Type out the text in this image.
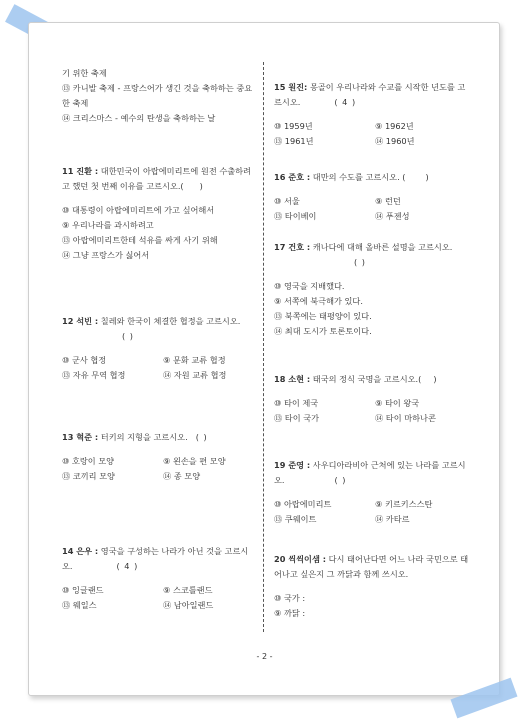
기 위한 축제

⑬ 카니발 축제 - 프랑스어가 생긴 것을 축하하는 중요한 축제

⑭ 크리스마스 - 예수의 탄생을 축하하는 날

11 진환 : 대한민국이 아랍에미리트에 원전 수출하려고 했던 첫 번째 이유를 고르시오.( )

⑩ 대통령이 아랍에미리트에 가고 싶어해서
⑨ 우리나라를 과시하려고
⑬ 아랍에미리트한테 석유를 싸게 사기 위해
⑭ 그냥 프랑스가 싫어서

12 석빈 : 칠레와 한국이 체결한 협정을 고르시오.( )

⑩ 군사 협정	⑨ 문화 교류 협정
⑬ 자유 무역 협정	⑭ 자원 교류 협정

13 혁준 : 터키의 지형을 고르시오. ( )

⑩ 호랑이 모양	⑨ 왼손을 편 모양
⑬ 코끼리 모양	⑭ 종 모양

14 은우 : 영국을 구성하는 나라가 아닌 것을 고르시오.	( 4 )

⑩ 잉글랜드	⑨ 스코틀랜드
⑬ 웨일스	⑭ 남아일랜드

15 원진: 몽골이 우리나라와 수교를 시작한 년도를 고르시오.	( 4 )

⑩ 1959년	⑨ 1962년
⑬ 1961년	⑭ 1960년

16 준호 : 대만의 수도를 고르시오. ( )

⑩ 서울	⑨ 런던
⑬ 타이베이	⑭ 푸젠성

17 건호 : 캐나다에 대해 올바른 설명을 고르시오.( )

⑩ 영국을 지배했다.
⑨ 서쪽에 북극해가 있다.
⑬ 북쪽에는 태평양이 있다.
⑭ 최대 도시가 토론토이다.

18 소현 : 태국의 정식 국명을 고르시오.( )

⑩ 타이 제국	⑨ 타이 왕국
⑬ 타이 국가	⑭ 타이 마하나콘

19 준영 : 사우디아라비아 근처에 있는 나라를 고르시오.	( )

⑩ 아랍에미리트	⑨ 키르키스스탄
⑬ 쿠웨이트	⑭ 카타르

20 씩씩이샘 : 다시 태어난다면 어느 나라 국민으로 태어나고 싶은지 그 까닭과 함께 쓰시오.

⑩ 국가 :
⑨ 까닭 :
- 2 -
